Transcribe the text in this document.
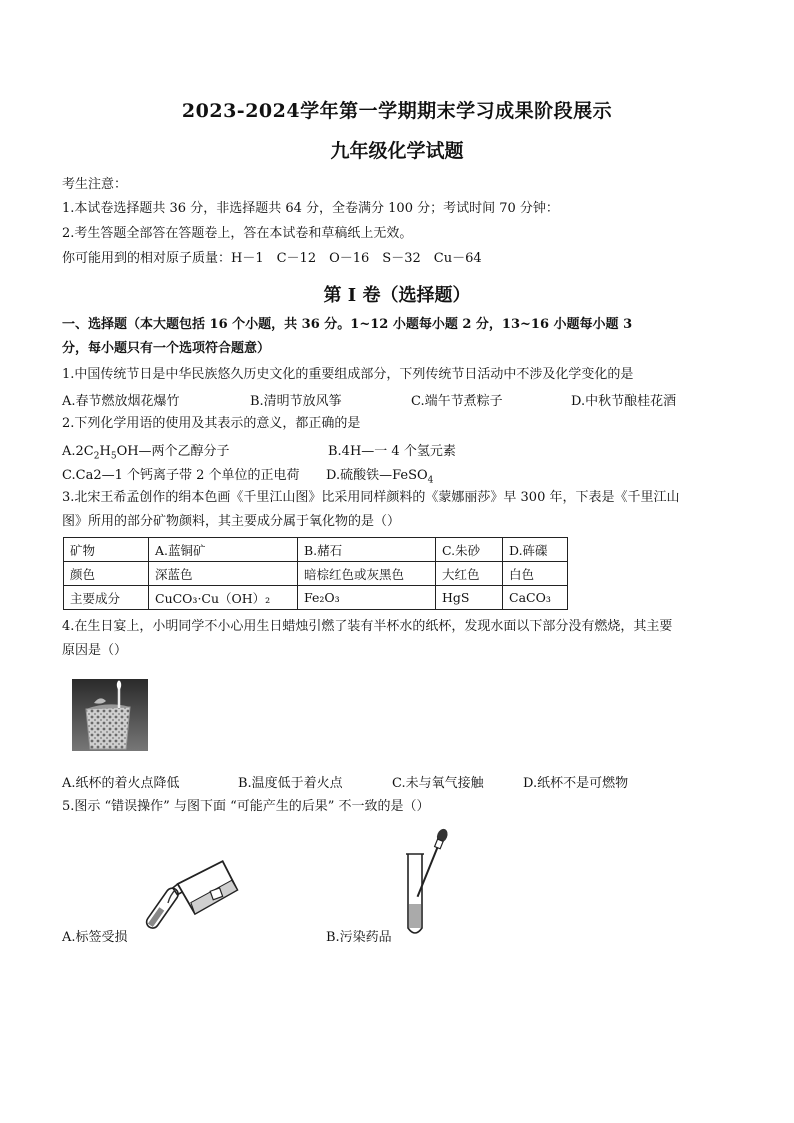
2023-2024学年第一学期期末学习成果阶段展示
九年级化学试题
考生注意：
1.本试卷选择题共 36 分，非选择题共 64 分，全卷满分 100 分；考试时间 70 分钟：
2.考生答题全部答在答题卷上，答在本试卷和草稿纸上无效。
你可能用到的相对原子质量：H－1　C－12　O－16　S－32　Cu－64
第 I 卷（选择题）
一、选择题（本大题包括 16 个小题，共 36 分。1~12 小题每小题 2 分，13~16 小题每小题 3
分，每小题只有一个选项符合题意）
1.中国传统节日是中华民族悠久历史文化的重要组成部分，下列传统节日活动中不涉及化学变化的是
A.春节燃放烟花爆竹	B.清明节放风筝	C.端午节煮粽子	D.中秋节酿桂花酒
2.下列化学用语的使用及其表示的意义，都正确的是
$A.2C_2H_5OH—$两个乙醇分子	B.4H—一 4 个氢元素
C.Ca2—1 个钙离子带 2 个单位的正电荷 D.硫酸铁—FeSO$_4$
3.北宋王希孟创作的绢本色画《千里江山图》比采用同样颜料的《蒙娜丽莎》早 300 年，下表是《千里江山
图》所用的部分矿物颜料，其主要成分属于氧化物的是（）
矿物	A.蓝铜矿	B.赭石	C.朱砂	D.砗磲
颜色	深蓝色	暗棕红色或灰黑色	大红色	白色
主要成分	CuCO₃·Cu（OH）₂	Fe₂O₃	HgS	CaCO₃
4.在生日宴上，小明同学不小心用生日蜡烛引燃了装有半杯水的纸杯，发现水面以下部分没有燃烧，其主要
原因是（）
A.纸杯的着火点降低	B.温度低于着火点	C.未与氧气接触	D.纸杯不是可燃物
5.图示 “错误操作” 与图下面 “可能产生的后果” 不一致的是（）
A.标签受损	B.污染药品
